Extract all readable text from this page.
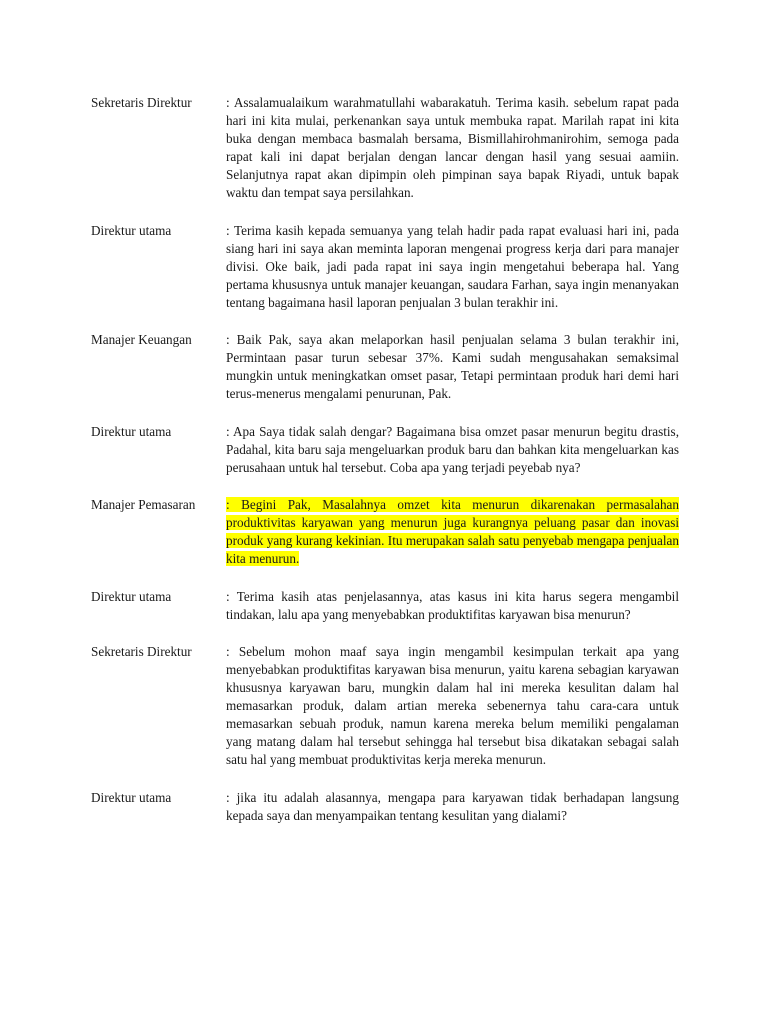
Sekretaris Direktur	: Assalamualaikum warahmatullahi wabarakatuh. Terima kasih. sebelum rapat pada hari ini kita mulai, perkenankan saya untuk membuka rapat. Marilah rapat ini kita buka dengan membaca basmalah bersama, Bismillahirohmanirohim, semoga pada rapat kali ini dapat berjalan dengan lancar dengan hasil yang sesuai aamiin. Selanjutnya rapat akan dipimpin oleh pimpinan saya bapak Riyadi, untuk bapak waktu dan tempat saya persilahkan.
Direktur utama	: Terima kasih kepada semuanya yang telah hadir pada rapat evaluasi hari ini, pada siang hari ini saya akan meminta laporan mengenai progress kerja dari para manajer divisi. Oke baik, jadi pada rapat ini saya ingin mengetahui beberapa hal. Yang pertama khususnya untuk manajer keuangan, saudara Farhan, saya ingin menanyakan tentang bagaimana hasil laporan penjualan 3 bulan terakhir ini.
Manajer Keuangan	: Baik Pak, saya akan melaporkan hasil penjualan selama 3 bulan terakhir ini, Permintaan pasar turun sebesar 37%. Kami sudah mengusahakan semaksimal mungkin untuk meningkatkan omset pasar, Tetapi permintaan produk hari demi hari terus-menerus mengalami penurunan, Pak.
Direktur utama	: Apa Saya tidak salah dengar? Bagaimana bisa omzet pasar menurun begitu drastis, Padahal, kita baru saja mengeluarkan produk baru dan bahkan kita mengeluarkan kas perusahaan untuk hal tersebut. Coba apa yang terjadi peyebab nya?
Manajer Pemasaran	: Begini Pak, Masalahnya omzet kita menurun dikarenakan permasalahan produktivitas karyawan yang menurun juga kurangnya peluang pasar dan inovasi produk yang kurang kekinian. Itu merupakan salah satu penyebab mengapa penjualan kita menurun.
Direktur utama	: Terima kasih atas penjelasannya, atas kasus ini kita harus segera mengambil tindakan, lalu apa yang menyebabkan produktifitas karyawan bisa menurun?
Sekretaris Direktur	: Sebelum mohon maaf saya ingin mengambil kesimpulan terkait apa yang menyebabkan produktifitas karyawan bisa menurun, yaitu karena sebagian karyawan khususnya karyawan baru, mungkin dalam hal ini mereka kesulitan dalam hal memasarkan produk, dalam artian mereka sebenernya tahu cara-cara untuk memasarkan sebuah produk, namun karena mereka belum memiliki pengalaman yang matang dalam hal tersebut sehingga hal tersebut bisa dikatakan sebagai salah satu hal yang membuat produktivitas kerja mereka menurun.
Direktur utama	: jika itu adalah alasannya, mengapa para karyawan tidak berhadapan langsung kepada saya dan menyampaikan tentang kesulitan yang dialami?
